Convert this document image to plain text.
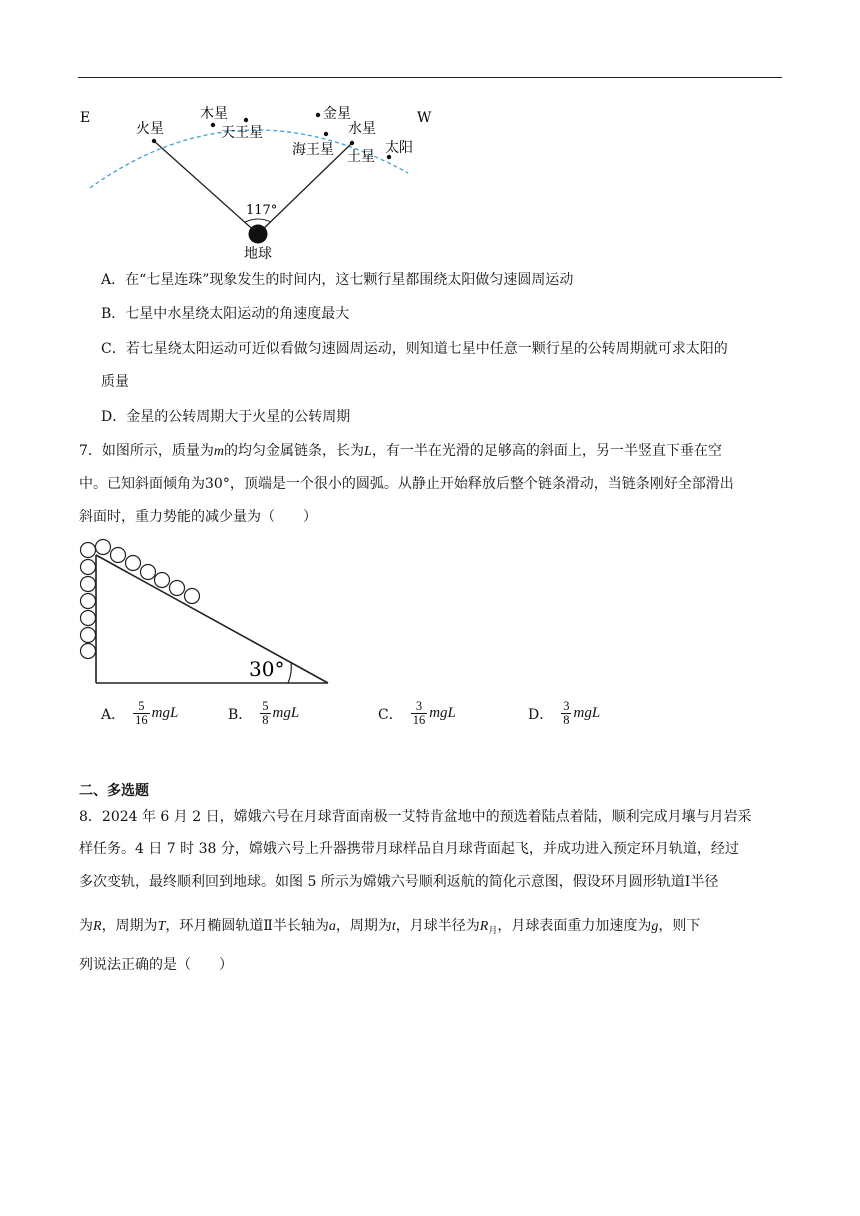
E	W
木星
火星	天王星
金星
水星
海王星 土星
太阳
117°
地球
A．在“七星连珠”现象发生的时间内，这七颗行星都围绕太阳做匀速圆周运动
B．七星中水星绕太阳运动的角速度最大
C．若七星绕太阳运动可近似看做匀速圆周运动，则知道七星中任意一颗行星的公转周期就可求太阳的
质量
D．金星的公转周期大于火星的公转周期
7．如图所示，质量为m的均匀金属链条，长为L，有一半在光滑的足够高的斜面上，另一半竖直下垂在空
中。已知斜面倾角为30°，顶端是一个很小的圆弧。从静止开始释放后整个链条滑动，当链条刚好全部滑出
斜面时，重力势能的减少量为（　　）
30°
A． $\frac{5}{16}$ mgL	B． $\frac{5}{8}$ mgL	C． $\frac{3}{16}$ mgL	D． $\frac{3}{8}$ mgL
二、多选题
8．2024 年 6 月 2 日，嫦娥六号在月球背面南极一艾特肯盆地中的预选着陆点着陆，顺利完成月壤与月岩采
样任务。4 日 7 时 38 分，嫦娥六号上升器携带月球样品自月球背面起飞，并成功进入预定环月轨道，经过
多次变轨，最终顺利回到地球。如图 5 所示为嫦娥六号顺利返航的简化示意图，假设环月圆形轨道Ⅰ半径
为R，周期为T，环月椭圆轨道Ⅱ半长轴为a，周期为t，月球半径为$R_月$，月球表面重力加速度为g，则下
列说法正确的是（　　）
